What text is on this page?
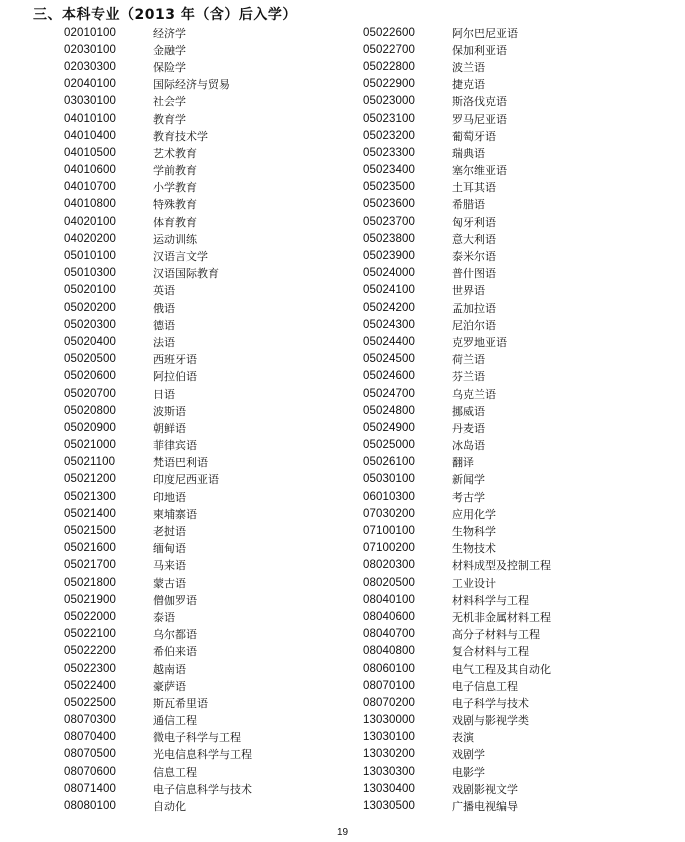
三、本科专业（2013 年（含）后入学）
02010100	经济学
02030100	金融学
02030300	保险学
02040100	国际经济与贸易
03030100	社会学
04010100	教育学
04010400	教育技术学
04010500	艺术教育
04010600	学前教育
04010700	小学教育
04010800	特殊教育
04020100	体育教育
04020200	运动训练
05010100	汉语言文学
05010300	汉语国际教育
05020100	英语
05020200	俄语
05020300	德语
05020400	法语
05020500	西班牙语
05020600	阿拉伯语
05020700	日语
05020800	波斯语
05020900	朝鲜语
05021000	菲律宾语
05021100	梵语巴利语
05021200	印度尼西亚语
05021300	印地语
05021400	柬埔寨语
05021500	老挝语
05021600	缅甸语
05021700	马来语
05021800	蒙古语
05021900	僧伽罗语
05022000	泰语
05022100	乌尔都语
05022200	希伯来语
05022300	越南语
05022400	豪萨语
05022500	斯瓦希里语
08070300	通信工程
08070400	微电子科学与工程
08070500	光电信息科学与工程
08070600	信息工程
08071400	电子信息科学与技术
08080100	自动化
05022600	阿尔巴尼亚语
05022700	保加利亚语
05022800	波兰语
05022900	捷克语
05023000	斯洛伐克语
05023100	罗马尼亚语
05023200	葡萄牙语
05023300	瑞典语
05023400	塞尔维亚语
05023500	土耳其语
05023600	希腊语
05023700	匈牙利语
05023800	意大利语
05023900	泰米尔语
05024000	普什图语
05024100	世界语
05024200	孟加拉语
05024300	尼泊尔语
05024400	克罗地亚语
05024500	荷兰语
05024600	芬兰语
05024700	乌克兰语
05024800	挪威语
05024900	丹麦语
05025000	冰岛语
05026100	翻译
05030100	新闻学
06010300	考古学
07030200	应用化学
07100100	生物科学
07100200	生物技术
08020300	材料成型及控制工程
08020500	工业设计
08040100	材料科学与工程
08040600	无机非金属材料工程
08040700	高分子材料与工程
08040800	复合材料与工程
08060100	电气工程及其自动化
08070100	电子信息工程
08070200	电子科学与技术
13030000	戏剧与影视学类
13030100	表演
13030200	戏剧学
13030300	电影学
13030400	戏剧影视文学
13030500	广播电视编导
19
